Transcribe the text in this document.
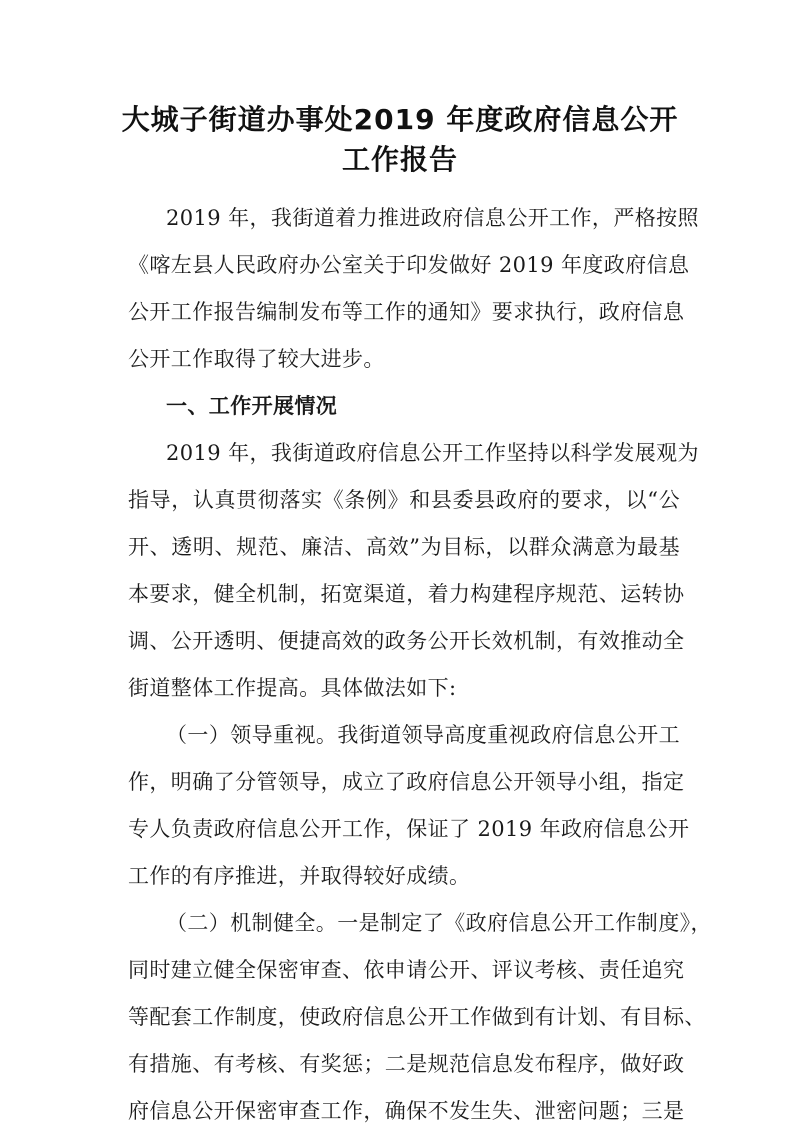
大城子街道办事处2019 年度政府信息公开
工作报告
2019 年，我街道着力推进政府信息公开工作，严格按照
《喀左县人民政府办公室关于印发做好 2019 年度政府信息
公开工作报告编制发布等工作的通知》要求执行，政府信息
公开工作取得了较大进步。
一、工作开展情况
2019 年，我街道政府信息公开工作坚持以科学发展观为
指导，认真贯彻落实《条例》和县委县政府的要求，以“公
开、透明、规范、廉洁、高效”为目标，以群众满意为最基
本要求，健全机制，拓宽渠道，着力构建程序规范、运转协
调、公开透明、便捷高效的政务公开长效机制，有效推动全
街道整体工作提高。具体做法如下:
（一）领导重视。我街道领导高度重视政府信息公开工
作，明确了分管领导，成立了政府信息公开领导小组，指定
专人负责政府信息公开工作，保证了 2019 年政府信息公开
工作的有序推进，并取得较好成绩。
（二）机制健全。一是制定了《政府信息公开工作制度》，
同时建立健全保密审查、依申请公开、评议考核、责任追究
等配套工作制度，使政府信息公开工作做到有计划、有目标、
有措施、有考核、有奖惩；二是规范信息发布程序，做好政
府信息公开保密审查工作，确保不发生失、泄密问题；三是
